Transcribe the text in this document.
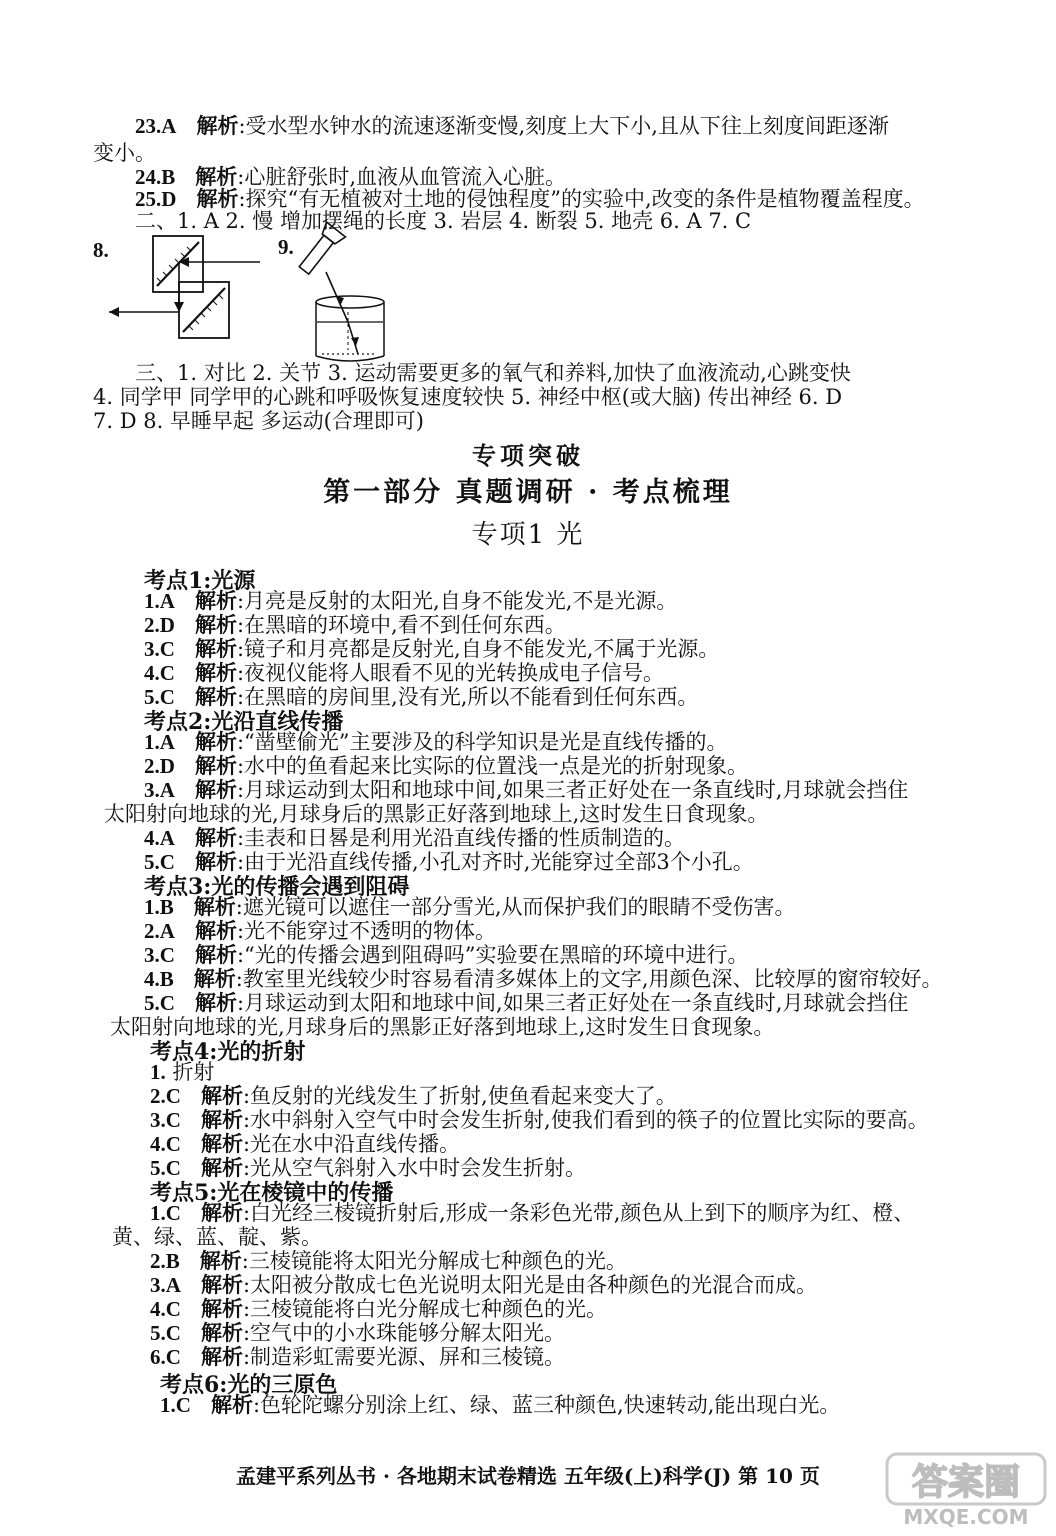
23.A 解析:受水型水钟水的流速逐渐变慢,刻度上大下小,且从下往上刻度间距逐渐
变小。
24.B 解析:心脏舒张时,血液从血管流入心脏。
25.D 解析:探究“有无植被对土地的侵蚀程度”的实验中,改变的条件是植物覆盖程度。
二、1. A 2. 慢 增加摆绳的长度 3. 岩层 4. 断裂 5. 地壳 6. A 7. C
8.	9.
三、1. 对比 2. 关节 3. 运动需要更多的氧气和养料,加快了血液流动,心跳变快
4. 同学甲 同学甲的心跳和呼吸恢复速度较快 5. 神经中枢(或大脑) 传出神经 6. D
7. D 8. 早睡早起 多运动(合理即可)
专项突破
第一部分 真题调研 · 考点梳理
专项1 光
考点1:光源
1.A 解析:月亮是反射的太阳光,自身不能发光,不是光源。
2.D 解析:在黑暗的环境中,看不到任何东西。
3.C 解析:镜子和月亮都是反射光,自身不能发光,不属于光源。
4.C 解析:夜视仪能将人眼看不见的光转换成电子信号。
5.C 解析:在黑暗的房间里,没有光,所以不能看到任何东西。
考点2:光沿直线传播
1.A 解析:“凿壁偷光”主要涉及的科学知识是光是直线传播的。
2.D 解析:水中的鱼看起来比实际的位置浅一点是光的折射现象。
3.A 解析:月球运动到太阳和地球中间,如果三者正好处在一条直线时,月球就会挡住
太阳射向地球的光,月球身后的黑影正好落到地球上,这时发生日食现象。
4.A 解析:圭表和日晷是利用光沿直线传播的性质制造的。
5.C 解析:由于光沿直线传播,小孔对齐时,光能穿过全部3个小孔。
考点3:光的传播会遇到阻碍
1.B 解析:遮光镜可以遮住一部分雪光,从而保护我们的眼睛不受伤害。
2.A 解析:光不能穿过不透明的物体。
3.C 解析:“光的传播会遇到阻碍吗”实验要在黑暗的环境中进行。
4.B 解析:教室里光线较少时容易看清多媒体上的文字,用颜色深、比较厚的窗帘较好。
5.C 解析:月球运动到太阳和地球中间,如果三者正好处在一条直线时,月球就会挡住
太阳射向地球的光,月球身后的黑影正好落到地球上,这时发生日食现象。
考点4:光的折射
1. 折射
2.C 解析:鱼反射的光线发生了折射,使鱼看起来变大了。
3.C 解析:水中斜射入空气中时会发生折射,使我们看到的筷子的位置比实际的要高。
4.C 解析:光在水中沿直线传播。
5.C 解析:光从空气斜射入水中时会发生折射。
考点5:光在棱镜中的传播
1.C 解析:白光经三棱镜折射后,形成一条彩色光带,颜色从上到下的顺序为红、橙、
黄、绿、蓝、靛、紫。
2.B 解析:三棱镜能将太阳光分解成七种颜色的光。
3.A 解析:太阳被分散成七色光说明太阳光是由各种颜色的光混合而成。
4.C 解析:三棱镜能将白光分解成七种颜色的光。
5.C 解析:空气中的小水珠能够分解太阳光。
6.C 解析:制造彩虹需要光源、屏和三棱镜。
考点6:光的三原色
1.C 解析:色轮陀螺分别涂上红、绿、蓝三种颜色,快速转动,能出现白光。
孟建平系列丛书 · 各地期末试卷精选 五年级(上)科学(J) 第 10 页	答案圈
MXQE.COM
